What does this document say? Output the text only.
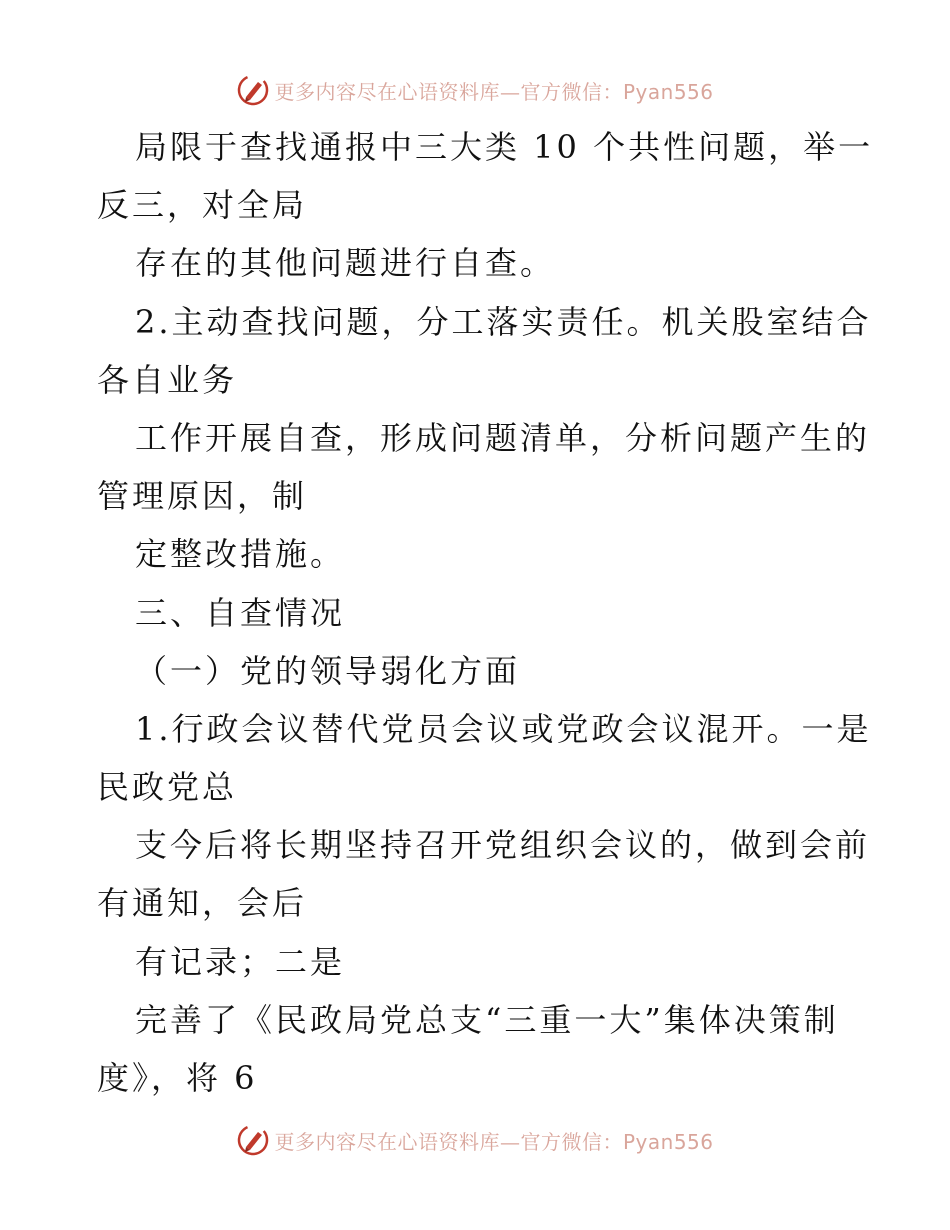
更多内容尽在心语资料库—官方微信：Pyan556
局限于查找通报中三大类 10 个共性问题，举一
反三，对全局
存在的其他问题进行自查。
2.主动查找问题，分工落实责任。机关股室结合
各自业务
工作开展自查，形成问题清单，分析问题产生的
管理原因，制
定整改措施。
三、自查情况
（一）党的领导弱化方面
1.行政会议替代党员会议或党政会议混开。一是
民政党总
支今后将长期坚持召开党组织会议的，做到会前
有通知，会后
有记录；二是
完善了《民政局党总支“三重一大”集体决策制
度》，将 6
更多内容尽在心语资料库—官方微信：Pyan556
